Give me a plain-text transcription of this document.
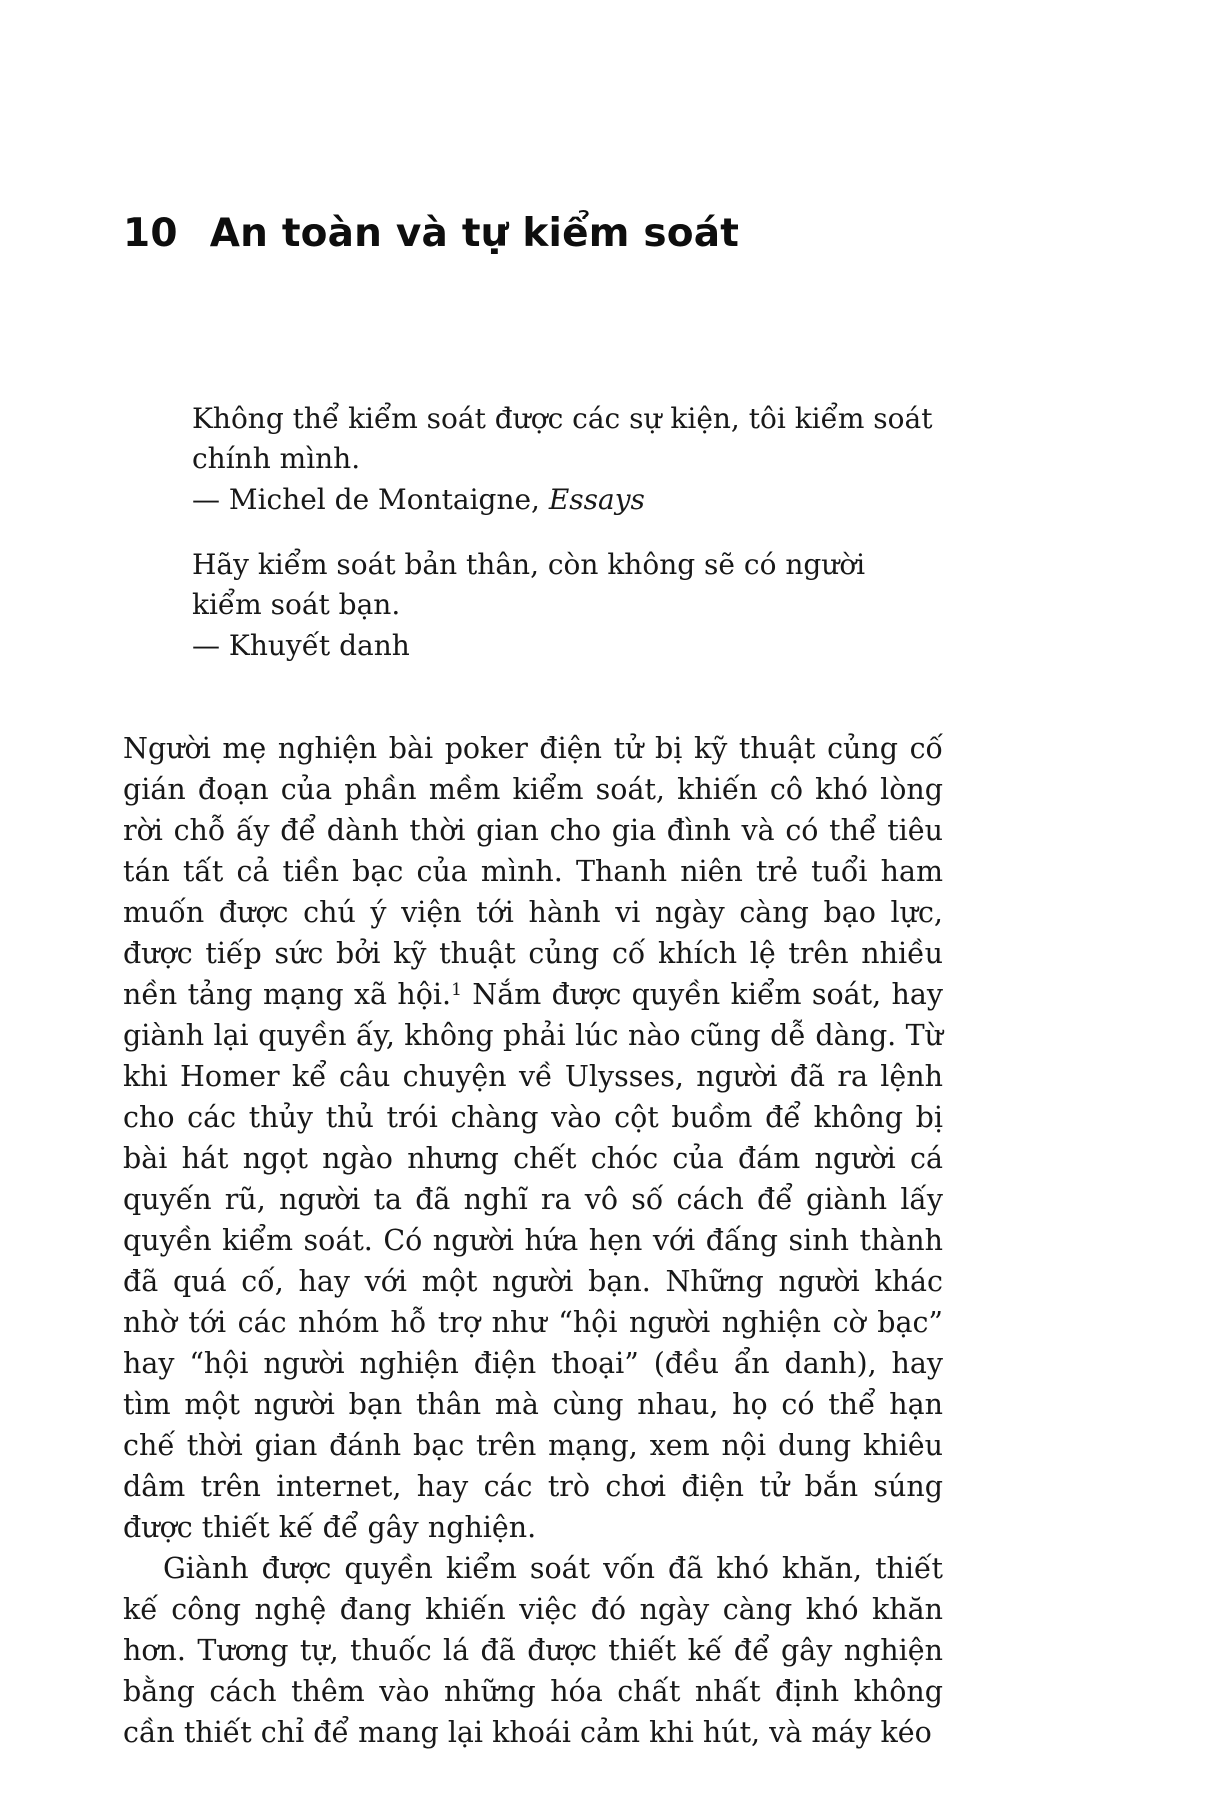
10 An toàn và tự kiểm soát

Không thể kiểm soát được các sự kiện, tôi kiểm soát chính mình.

— Michel de Montaigne, Essays

Hãy kiểm soát bản thân, còn không sẽ có người kiểm soát bạn.

— Khuyết danh

Người mẹ nghiện bài poker điện tử bị kỹ thuật củng cố gián đoạn của phần mềm kiểm soát, khiến cô khó lòng rời chỗ ấy để dành thời gian cho gia đình và có thể tiêu tán tất cả tiền bạc của mình. Thanh niên trẻ tuổi ham muốn được chú ý viện tới hành vi ngày càng bạo lực, được tiếp sức bởi kỹ thuật củng cố khích lệ trên nhiều nền tảng mạng xã hội.$^1$ Nắm được quyền kiểm soát, hay giành lại quyền ấy, không phải lúc nào cũng dễ dàng. Từ khi Homer kể câu chuyện về Ulysses, người đã ra lệnh cho các thủy thủ trói chàng vào cột buồm để không bị bài hát ngọt ngào nhưng chết chóc của đám người cá quyến rũ, người ta đã nghĩ ra vô số cách để giành lấy quyền kiểm soát. Có người hứa hẹn với đấng sinh thành đã quá cố, hay với một người bạn. Những người khác nhờ tới các nhóm hỗ trợ như “hội người nghiện cờ bạc” hay “hội người nghiện điện thoại” (đều ẩn danh), hay tìm một người bạn thân mà cùng nhau, họ có thể hạn chế thời gian đánh bạc trên mạng, xem nội dung khiêu dâm trên internet, hay các trò chơi điện tử bắn súng được thiết kế để gây nghiện.

Giành được quyền kiểm soát vốn đã khó khăn, thiết kế công nghệ đang khiến việc đó ngày càng khó khăn hơn. Tương tự, thuốc lá đã được thiết kế để gây nghiện bằng cách thêm vào những hóa chất nhất định không cần thiết chỉ để mang lại khoái cảm khi hút, và máy kéo
